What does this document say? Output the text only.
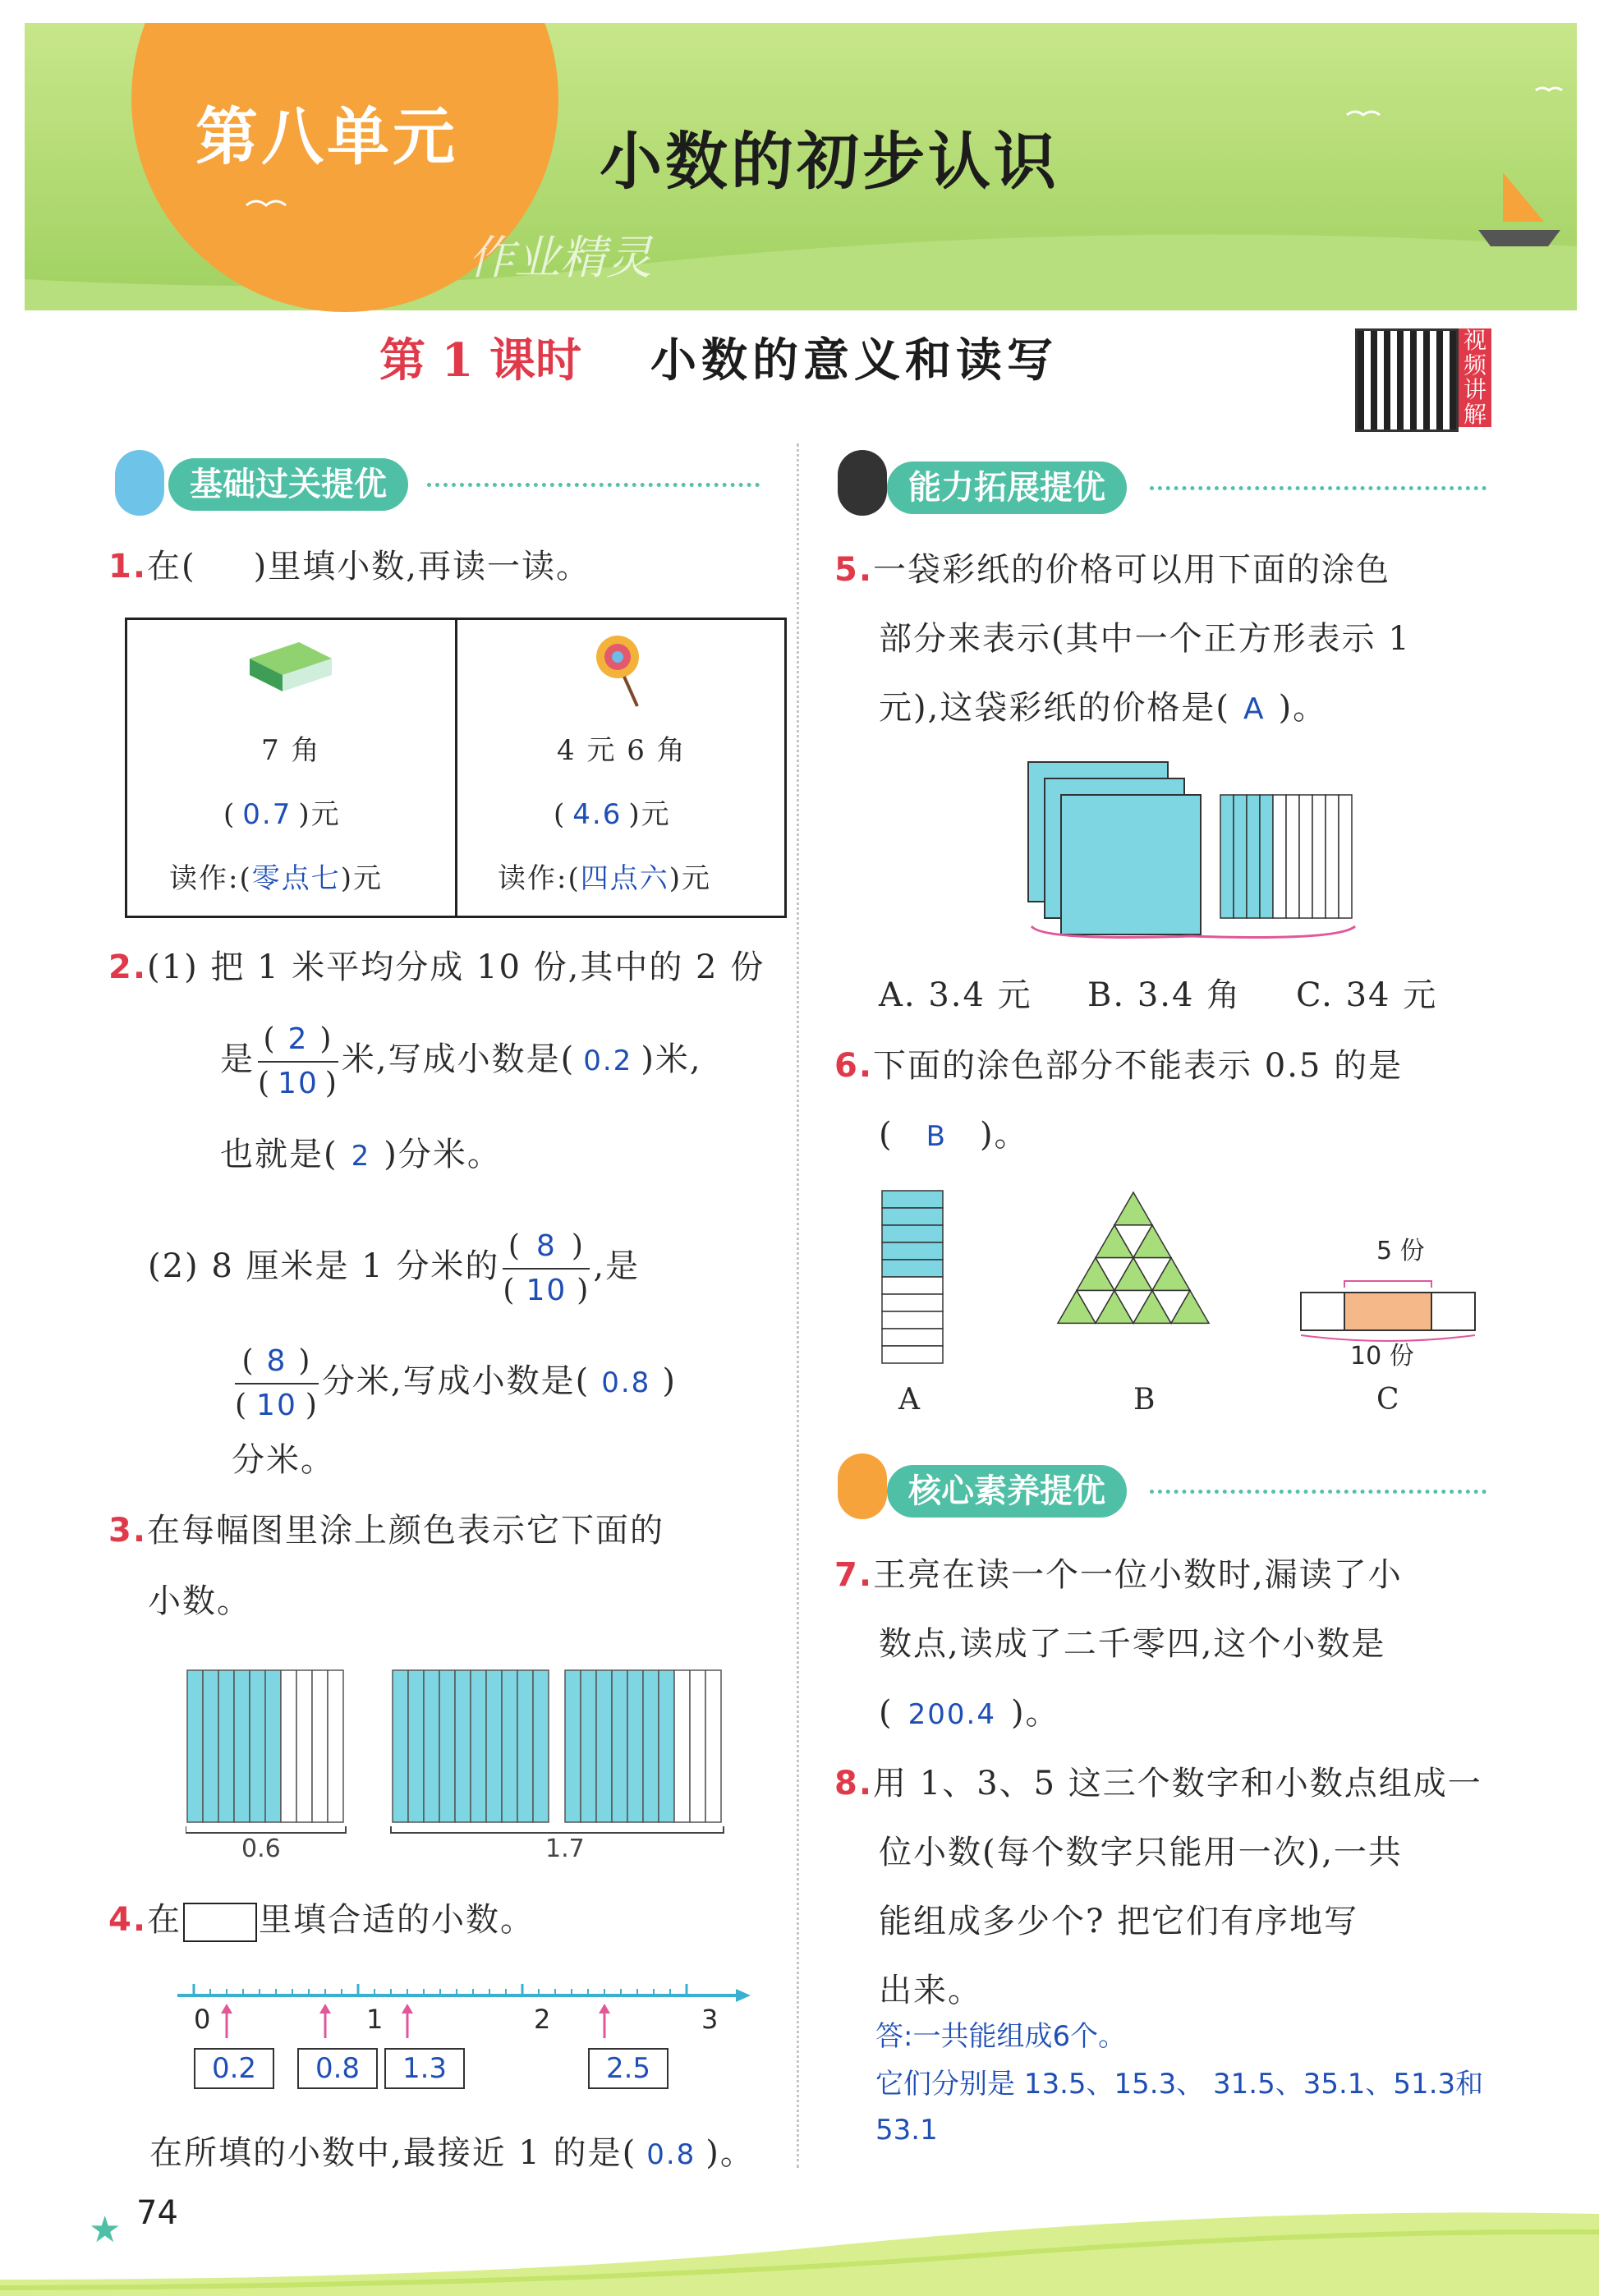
第八单元 小数的初步认识
作业精灵
第 1 课时 小数的意义和读写	视频讲解
基础过关提优	能力拓展提优
核心素养提优
1.在( )里填小数,再读一读。
7 角
( 0.7 )元
读作:(零点七)元
4 元 6 角
( 4.6 )元
读作:(四点六)元
2.(1) 把 1 米平均分成 10 份,其中的 2 份
是 $\frac{( 2 )}{( 10 )}$ 米,写成小数是( 0.2 )米,
也就是( 2 )分米。
(2) 8 厘米是 1 分米的 $\frac{( 8 )}{( 10 )}$ ,是
$\frac{( 8 )}{( 10 )}$ 分米,写成小数是( 0.8 )
分米。
3.在每幅图里涂上颜色表示它下面的
小数。
0.6	1.7
4.在 里填合适的小数。
0	1	2	3
0.2	0.8	1.3	2.5
在所填的小数中,最接近 1 的是( 0.8 )。
5.一袋彩纸的价格可以用下面的涂色
部分来表示(其中一个正方形表示 1
元),这袋彩纸的价格是( A )。
A. 3.4 元 B. 3.4 角 C. 34 元
6.下面的涂色部分不能表示 0.5 的是
( B )。
5 份
10 份
A	B	C
7.王亮在读一个一位小数时,漏读了小
数点,读成了二千零四,这个小数是
( 200.4 )。
8.用 1、3、5 这三个数字和小数点组成一
位小数(每个数字只能用一次),一共
能组成多少个? 把它们有序地写
出来。
答:一共能组成6个。
它们分别是 13.5、15.3、 31.5、35.1、51.3和
53.1
★ 74
